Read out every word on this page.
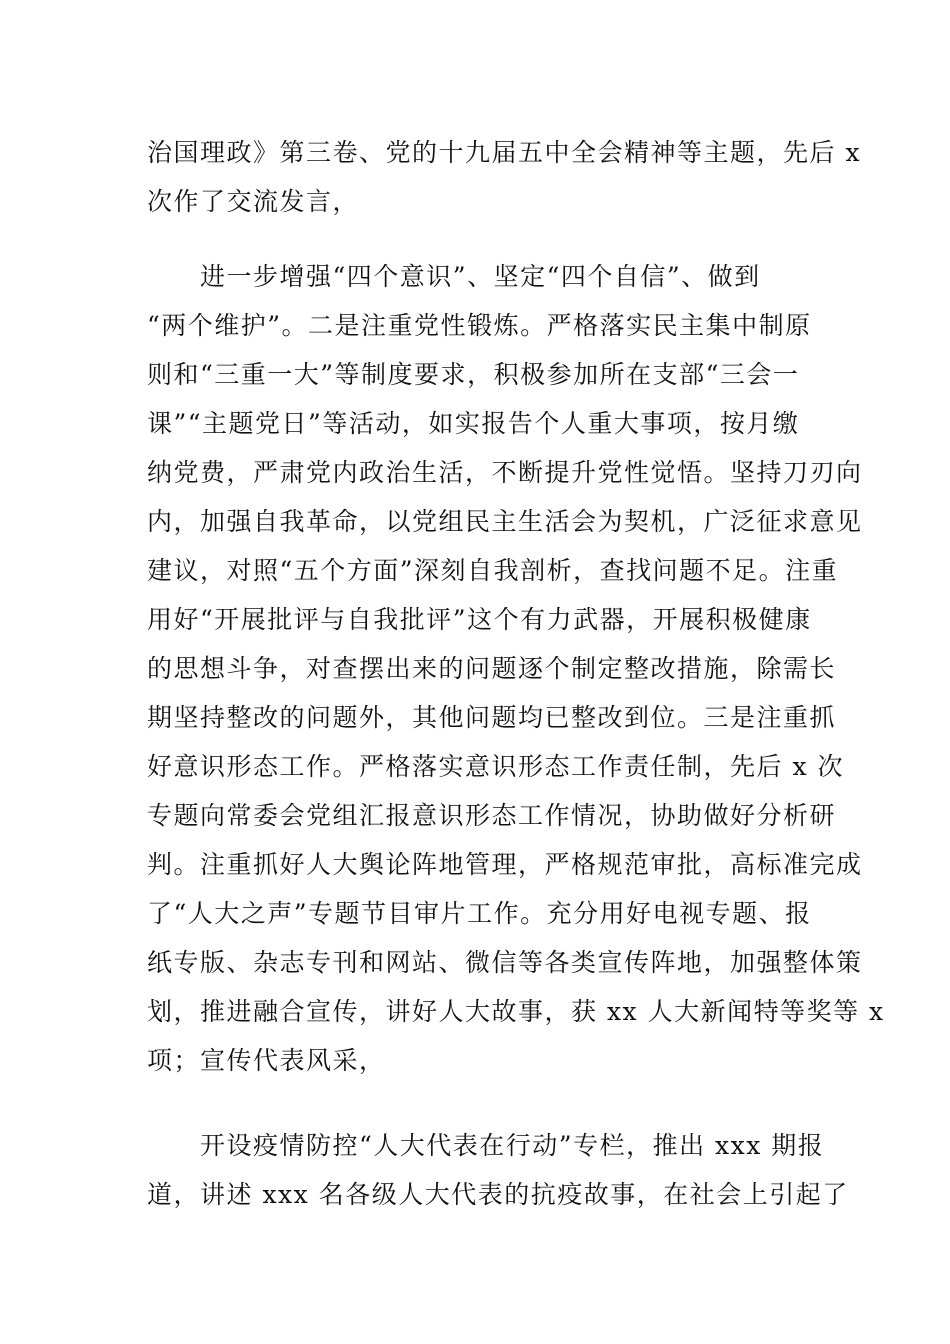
治国理政》第三卷、党的十九届五中全会精神等主题，先后 x
次作了交流发言，
　　进一步增强“四个意识”、坚定“四个自信”、做到
“两个维护”。二是注重党性锻炼。严格落实民主集中制原
则和“三重一大”等制度要求，积极参加所在支部“三会一
课”“主题党日”等活动，如实报告个人重大事项，按月缴
纳党费，严肃党内政治生活，不断提升党性觉悟。坚持刀刃向
内，加强自我革命，以党组民主生活会为契机，广泛征求意见
建议，对照“五个方面”深刻自我剖析，查找问题不足。注重
用好“开展批评与自我批评”这个有力武器，开展积极健康
的思想斗争，对查摆出来的问题逐个制定整改措施，除需长
期坚持整改的问题外，其他问题均已整改到位。三是注重抓
好意识形态工作。严格落实意识形态工作责任制，先后 x 次
专题向常委会党组汇报意识形态工作情况，协助做好分析研
判。注重抓好人大舆论阵地管理，严格规范审批，高标准完成
了“人大之声”专题节目审片工作。充分用好电视专题、报
纸专版、杂志专刊和网站、微信等各类宣传阵地，加强整体策
划，推进融合宣传，讲好人大故事，获 xx 人大新闻特等奖等 x
项；宣传代表风采，
　　开设疫情防控“人大代表在行动”专栏，推出 xxx 期报
道，讲述 xxx 名各级人大代表的抗疫故事，在社会上引起了
